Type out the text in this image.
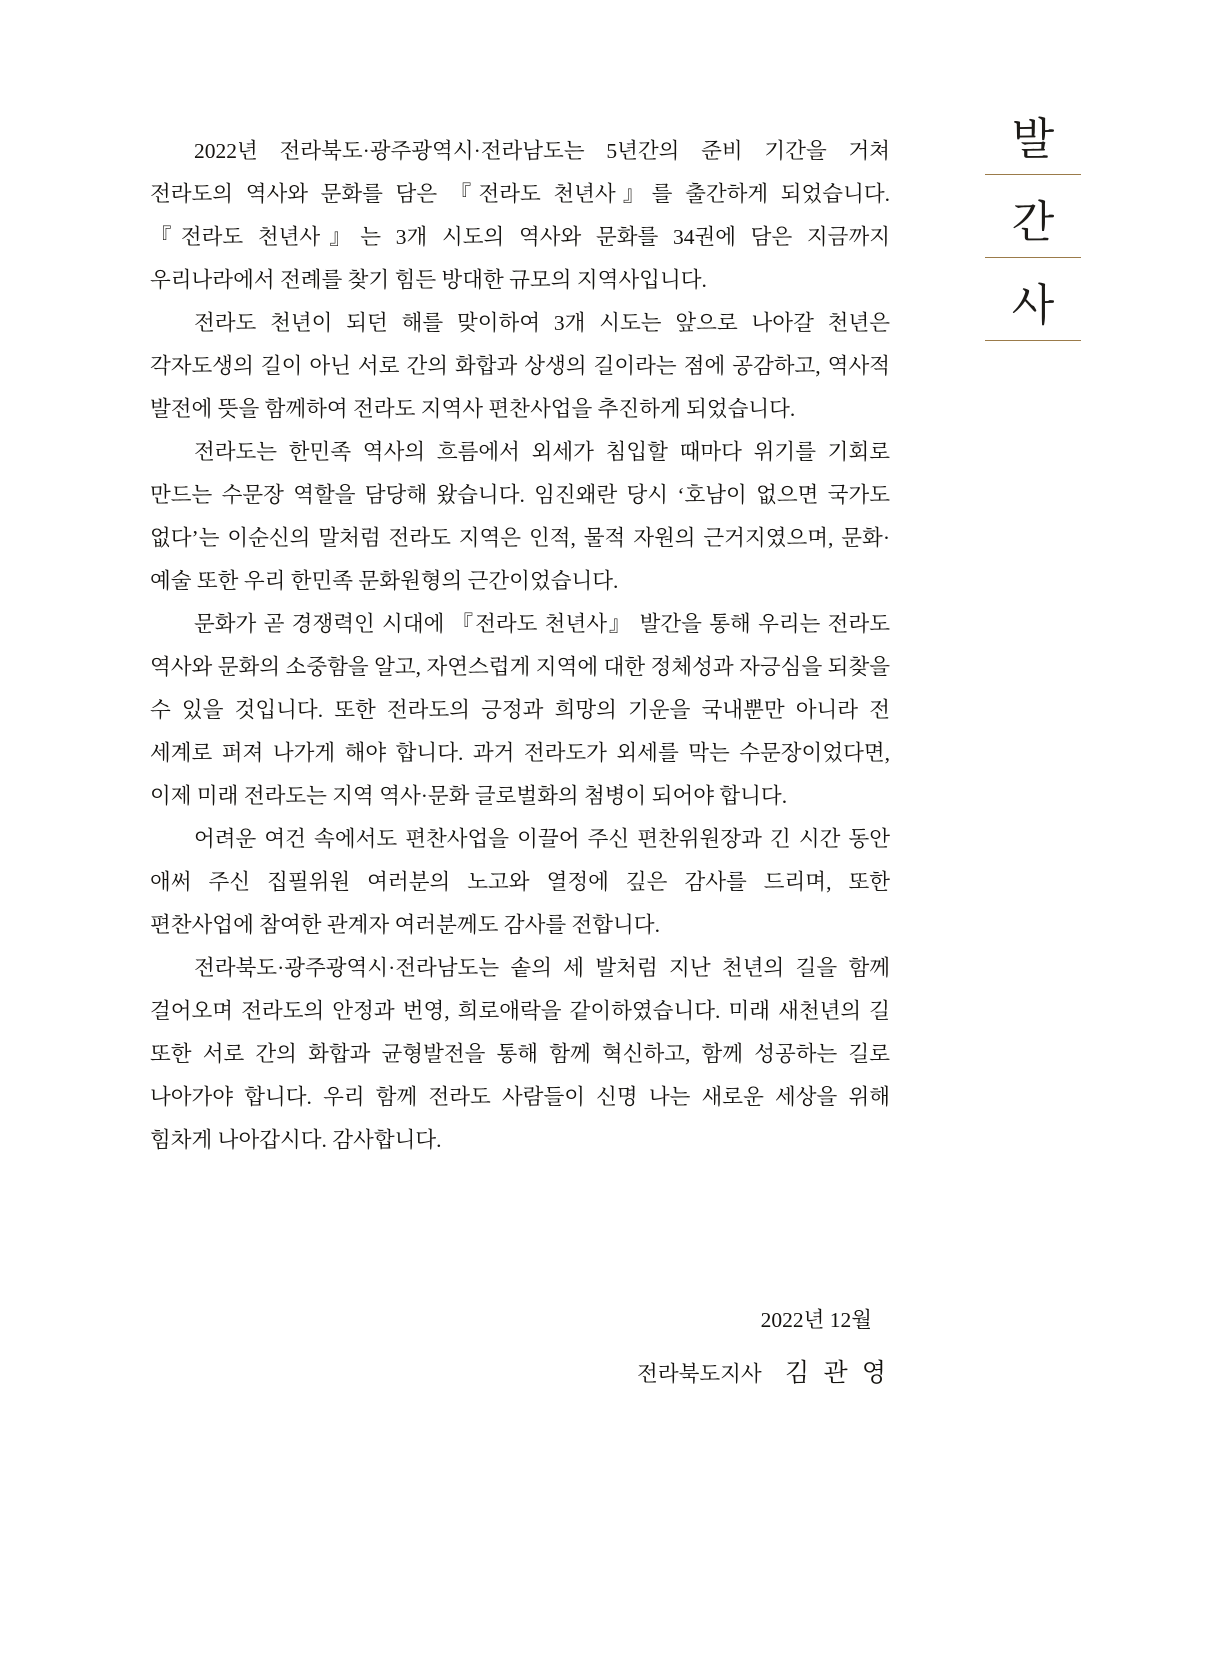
발
간
사

2022년 전라북도·광주광역시·전라남도는 5년간의 준비 기간을 거쳐 전라도의 역사와 문화를 담은 『전라도 천년사』를 출간하게 되었습니다. 『전라도 천년사』는 3개 시도의 역사와 문화를 34권에 담은 지금까지 우리나라에서 전례를 찾기 힘든 방대한 규모의 지역사입니다.

전라도 천년이 되던 해를 맞이하여 3개 시도는 앞으로 나아갈 천년은 각자도생의 길이 아닌 서로 간의 화합과 상생의 길이라는 점에 공감하고, 역사적 발전에 뜻을 함께하여 전라도 지역사 편찬사업을 추진하게 되었습니다.

전라도는 한민족 역사의 흐름에서 외세가 침입할 때마다 위기를 기회로 만드는 수문장 역할을 담당해 왔습니다. 임진왜란 당시 ‘호남이 없으면 국가도 없다’는 이순신의 말처럼 전라도 지역은 인적, 물적 자원의 근거지였으며, 문화·예술 또한 우리 한민족 문화원형의 근간이었습니다.

문화가 곧 경쟁력인 시대에 『전라도 천년사』 발간을 통해 우리는 전라도 역사와 문화의 소중함을 알고, 자연스럽게 지역에 대한 정체성과 자긍심을 되찾을 수 있을 것입니다. 또한 전라도의 긍정과 희망의 기운을 국내뿐만 아니라 전 세계로 퍼져 나가게 해야 합니다. 과거 전라도가 외세를 막는 수문장이었다면, 이제 미래 전라도는 지역 역사·문화 글로벌화의 첨병이 되어야 합니다.

어려운 여건 속에서도 편찬사업을 이끌어 주신 편찬위원장과 긴 시간 동안 애써 주신 집필위원 여러분의 노고와 열정에 깊은 감사를 드리며, 또한 편찬사업에 참여한 관계자 여러분께도 감사를 전합니다.

전라북도·광주광역시·전라남도는 솥의 세 발처럼 지난 천년의 길을 함께 걸어오며 전라도의 안정과 번영, 희로애락을 같이하였습니다. 미래 새천년의 길 또한 서로 간의 화합과 균형발전을 통해 함께 혁신하고, 함께 성공하는 길로 나아가야 합니다. 우리 함께 전라도 사람들이 신명 나는 새로운 세상을 위해 힘차게 나아갑시다. 감사합니다.

2022년 12월
전라북도지사 김 관 영
